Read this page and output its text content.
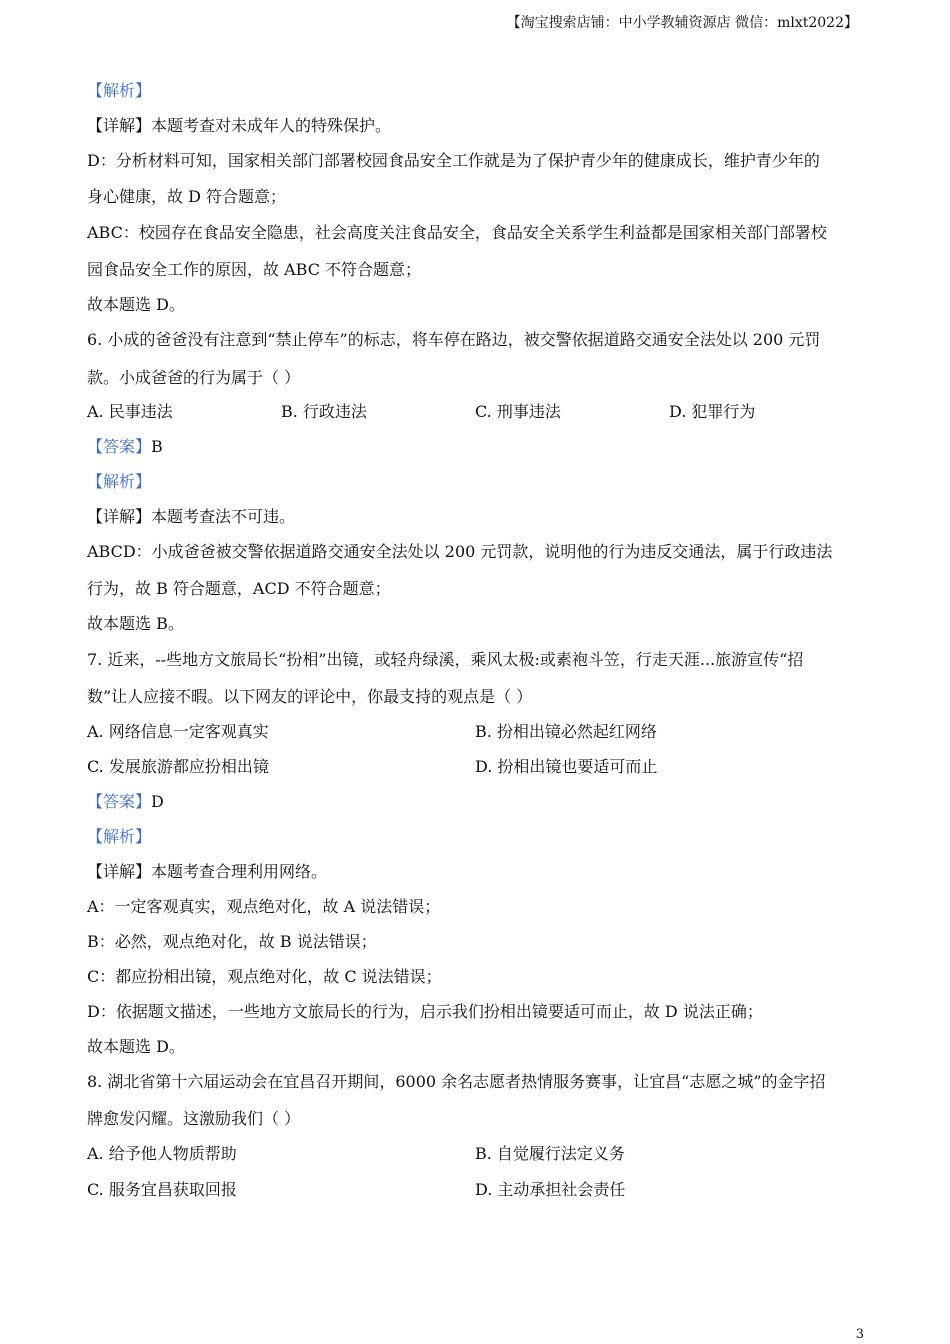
【淘宝搜索店铺：中小学教辅资源店 微信：mlxt2022】
【解析】
【详解】本题考查对未成年人的特殊保护。
D：分析材料可知，国家相关部门部署校园食品安全工作就是为了保护青少年的健康成长，维护青少年的
身心健康，故 D 符合题意；
ABC：校园存在食品安全隐患，社会高度关注食品安全，食品安全关系学生利益都是国家相关部门部署校
园食品安全工作的原因，故 ABC 不符合题意；
故本题选 D。
6. 小成的爸爸没有注意到“禁止停车”的标志，将车停在路边，被交警依据道路交通安全法处以 200 元罚
款。小成爸爸的行为属于（ ）
A. 民事违法	B. 行政违法	C. 刑事违法	D. 犯罪行为
【答案】B
【解析】
【详解】本题考查法不可违。
ABCD：小成爸爸被交警依据道路交通安全法处以 200 元罚款，说明他的行为违反交通法，属于行政违法
行为，故 B 符合题意，ACD 不符合题意；
故本题选 B。
7. 近来，--些地方文旅局长“扮相”出镜，或轻舟绿溪，乘风太极:或素袍斗笠，行走天涯...旅游宣传“招
数”让人应接不暇。以下网友的评论中，你最支持的观点是（ ）
A. 网络信息一定客观真实	B. 扮相出镜必然起红网络
C. 发展旅游都应扮相出镜	D. 扮相出镜也要适可而止
【答案】D
【解析】
【详解】本题考查合理利用网络。
A：一定客观真实，观点绝对化，故 A 说法错误；
B：必然，观点绝对化，故 B 说法错误；
C：都应扮相出镜，观点绝对化，故 C 说法错误；
D：依据题文描述，一些地方文旅局长的行为，启示我们扮相出镜要适可而止，故 D 说法正确；
故本题选 D。
8. 湖北省第十六届运动会在宜昌召开期间，6000 余名志愿者热情服务赛事，让宜昌“志愿之城”的金字招
牌愈发闪耀。这激励我们（ ）
A. 给予他人物质帮助	B. 自觉履行法定义务
C. 服务宜昌获取回报	D. 主动承担社会责任
3
